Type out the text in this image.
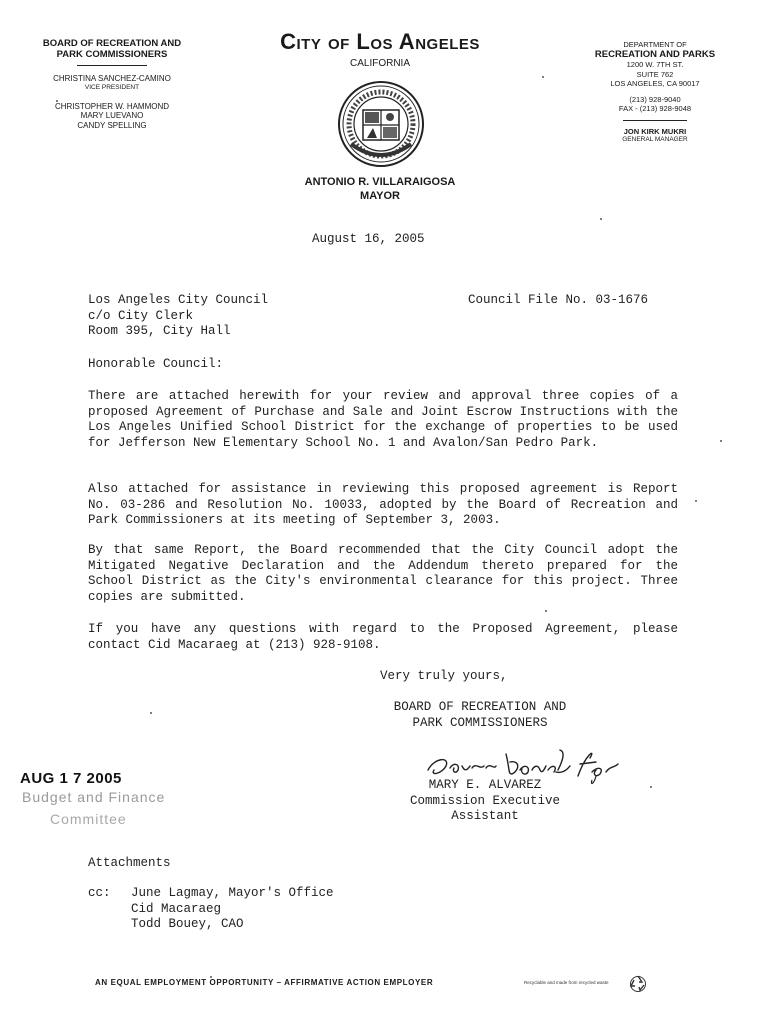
BOARD OF RECREATION AND
PARK COMMISSIONERS
CHRISTINA SANCHEZ-CAMINO
VICE PRESIDENT
CHRISTOPHER W. HAMMOND
MARY LUEVANO
CANDY SPELLING
City of Los Angeles
CALIFORNIA
ANTONIO R. VILLARAIGOSA
MAYOR
DEPARTMENT OF
RECREATION AND PARKS
1200 W. 7TH ST.
SUITE 762
LOS ANGELES, CA 90017
(213) 928-9040
FAX - (213) 928-9048
JON KIRK MUKRI
GENERAL MANAGER
August 16, 2005
Los Angeles City Council
c/o City Clerk
Room 395, City Hall
Council File No. 03-1676
Honorable Council:
There are attached herewith for your review and approval three copies of a proposed Agreement of Purchase and Sale and Joint Escrow Instructions with the Los Angeles Unified School District for the exchange of properties to be used for Jefferson New Elementary School No. 1 and Avalon/San Pedro Park.
Also attached for assistance in reviewing this proposed agreement is Report No. 03-286 and Resolution No. 10033, adopted by the Board of Recreation and Park Commissioners at its meeting of September 3, 2003.
By that same Report, the Board recommended that the City Council adopt the Mitigated Negative Declaration and the Addendum thereto prepared for the School District as the City's environmental clearance for this project. Three copies are submitted.
If you have any questions with regard to the Proposed Agreement, please contact Cid Macaraeg at (213) 928-9108.
Very truly yours,
BOARD OF RECREATION AND
PARK COMMISSIONERS
MARY E. ALVAREZ
Commission Executive
Assistant
AUG 1 7 2005
Budget and Finance
Committee
Attachments
cc: June Lagmay, Mayor's Office
Cid Macaraeg
Todd Bouey, CAO
AN EQUAL EMPLOYMENT OPPORTUNITY – AFFIRMATIVE ACTION EMPLOYER	Recyclable and made from recycled waste
